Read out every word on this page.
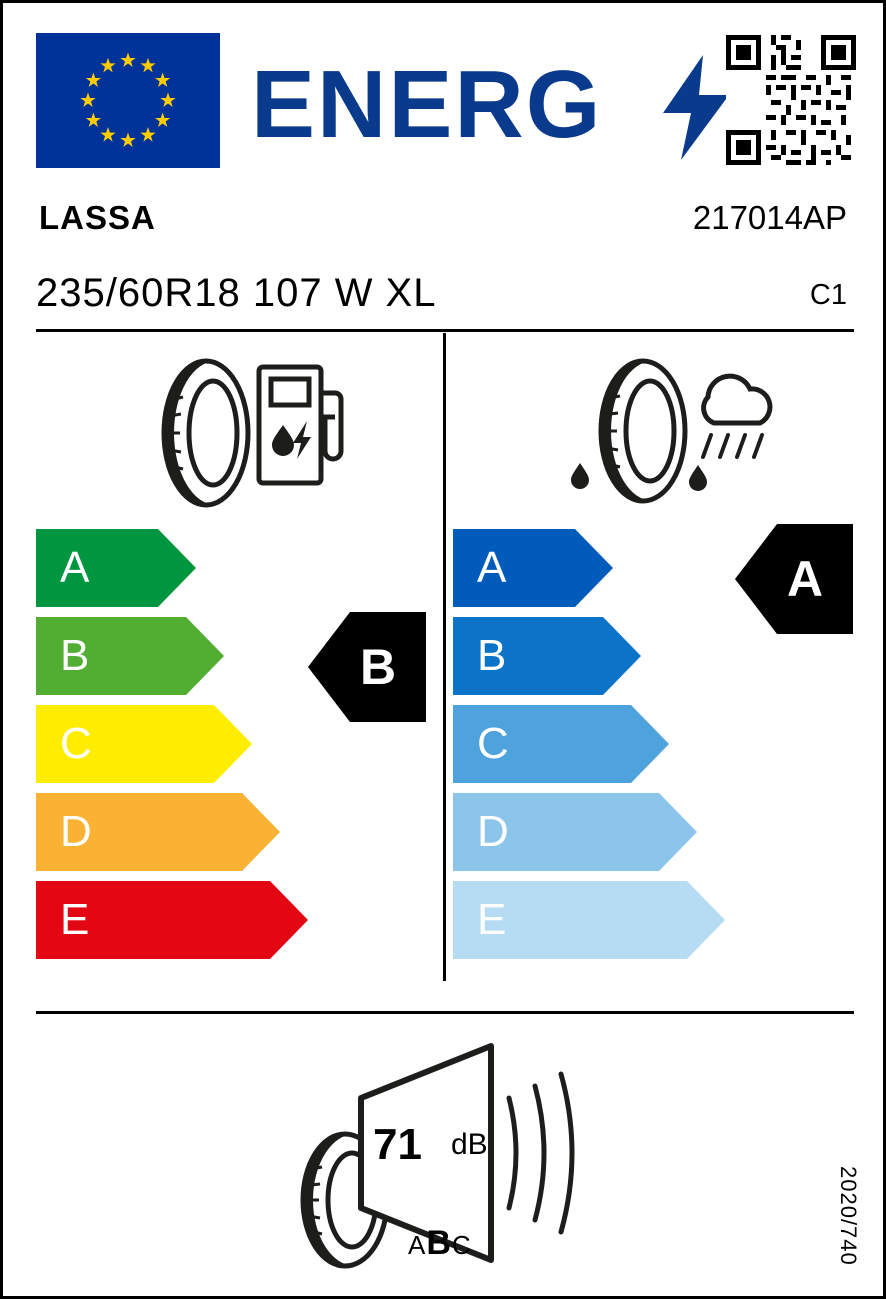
ENERG
LASSA	217014AP
235/60R18 107 W XL	C1
A
B
C
D
E
B
A
B
C
D
E
A
71 dB
ABC	2020/740
